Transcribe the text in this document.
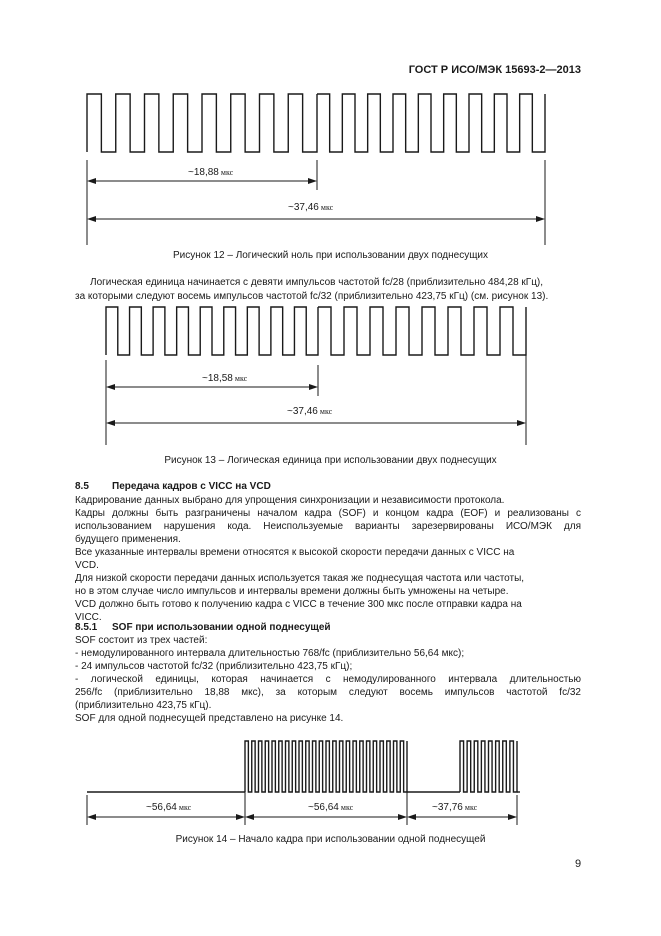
ГОСТ Р ИСО/МЭК 15693-2—2013
~18,88 мкс
~37,46 мкс
~18,58 мкс
~37,46 мкс
~56,64 мкс	~56,64 мкс	~37,76 мкс
Рисунок 12 – Логический ноль при использовании двух поднесущих
Логическая единица начинается с девяти импульсов частотой fc/28 (приблизительно 484,28 кГц),
за которыми следуют восемь импульсов частотой fc/32 (приблизительно 423,75 кГц) (см. рисунок 13).
Рисунок 13 – Логическая единица при использовании двух поднесущих
8.5 Передача кадров с VICC на VCD
Кадрирование данных выбрано для упрощения синхронизации и независимости протокола.
Кадры должны быть разграничены началом кадра (SOF) и концом кадра (EOF) и реализованы с
использованием нарушения кода. Неиспользуемые варианты зарезервированы ИСО/МЭК для
будущего применения.
Все указанные интервалы времени относятся к высокой скорости передачи данных с VICC на
VCD.
Для низкой скорости передачи данных используется такая же поднесущая частота или частоты,
но в этом случае число импульсов и интервалы времени должны быть умножены на четыре.
VCD должно быть готово к получению кадра с VICC в течение 300 мкс после отправки кадра на
VICC.
8.5.1 SOF при использовании одной поднесущей
SOF состоит из трех частей:
- немодулированного интервала длительностью 768/fc (приблизительно 56,64 мкс);
- 24 импульсов частотой fc/32 (приблизительно 423,75 кГц);
- логической единицы, которая начинается с немодулированного интервала длительностью
256/fc (приблизительно 18,88 мкс), за которым следуют восемь импульсов частотой fc/32
(приблизительно 423,75 кГц).
SOF для одной поднесущей представлено на рисунке 14.
Рисунок 14 – Начало кадра при использовании одной поднесущей
9
